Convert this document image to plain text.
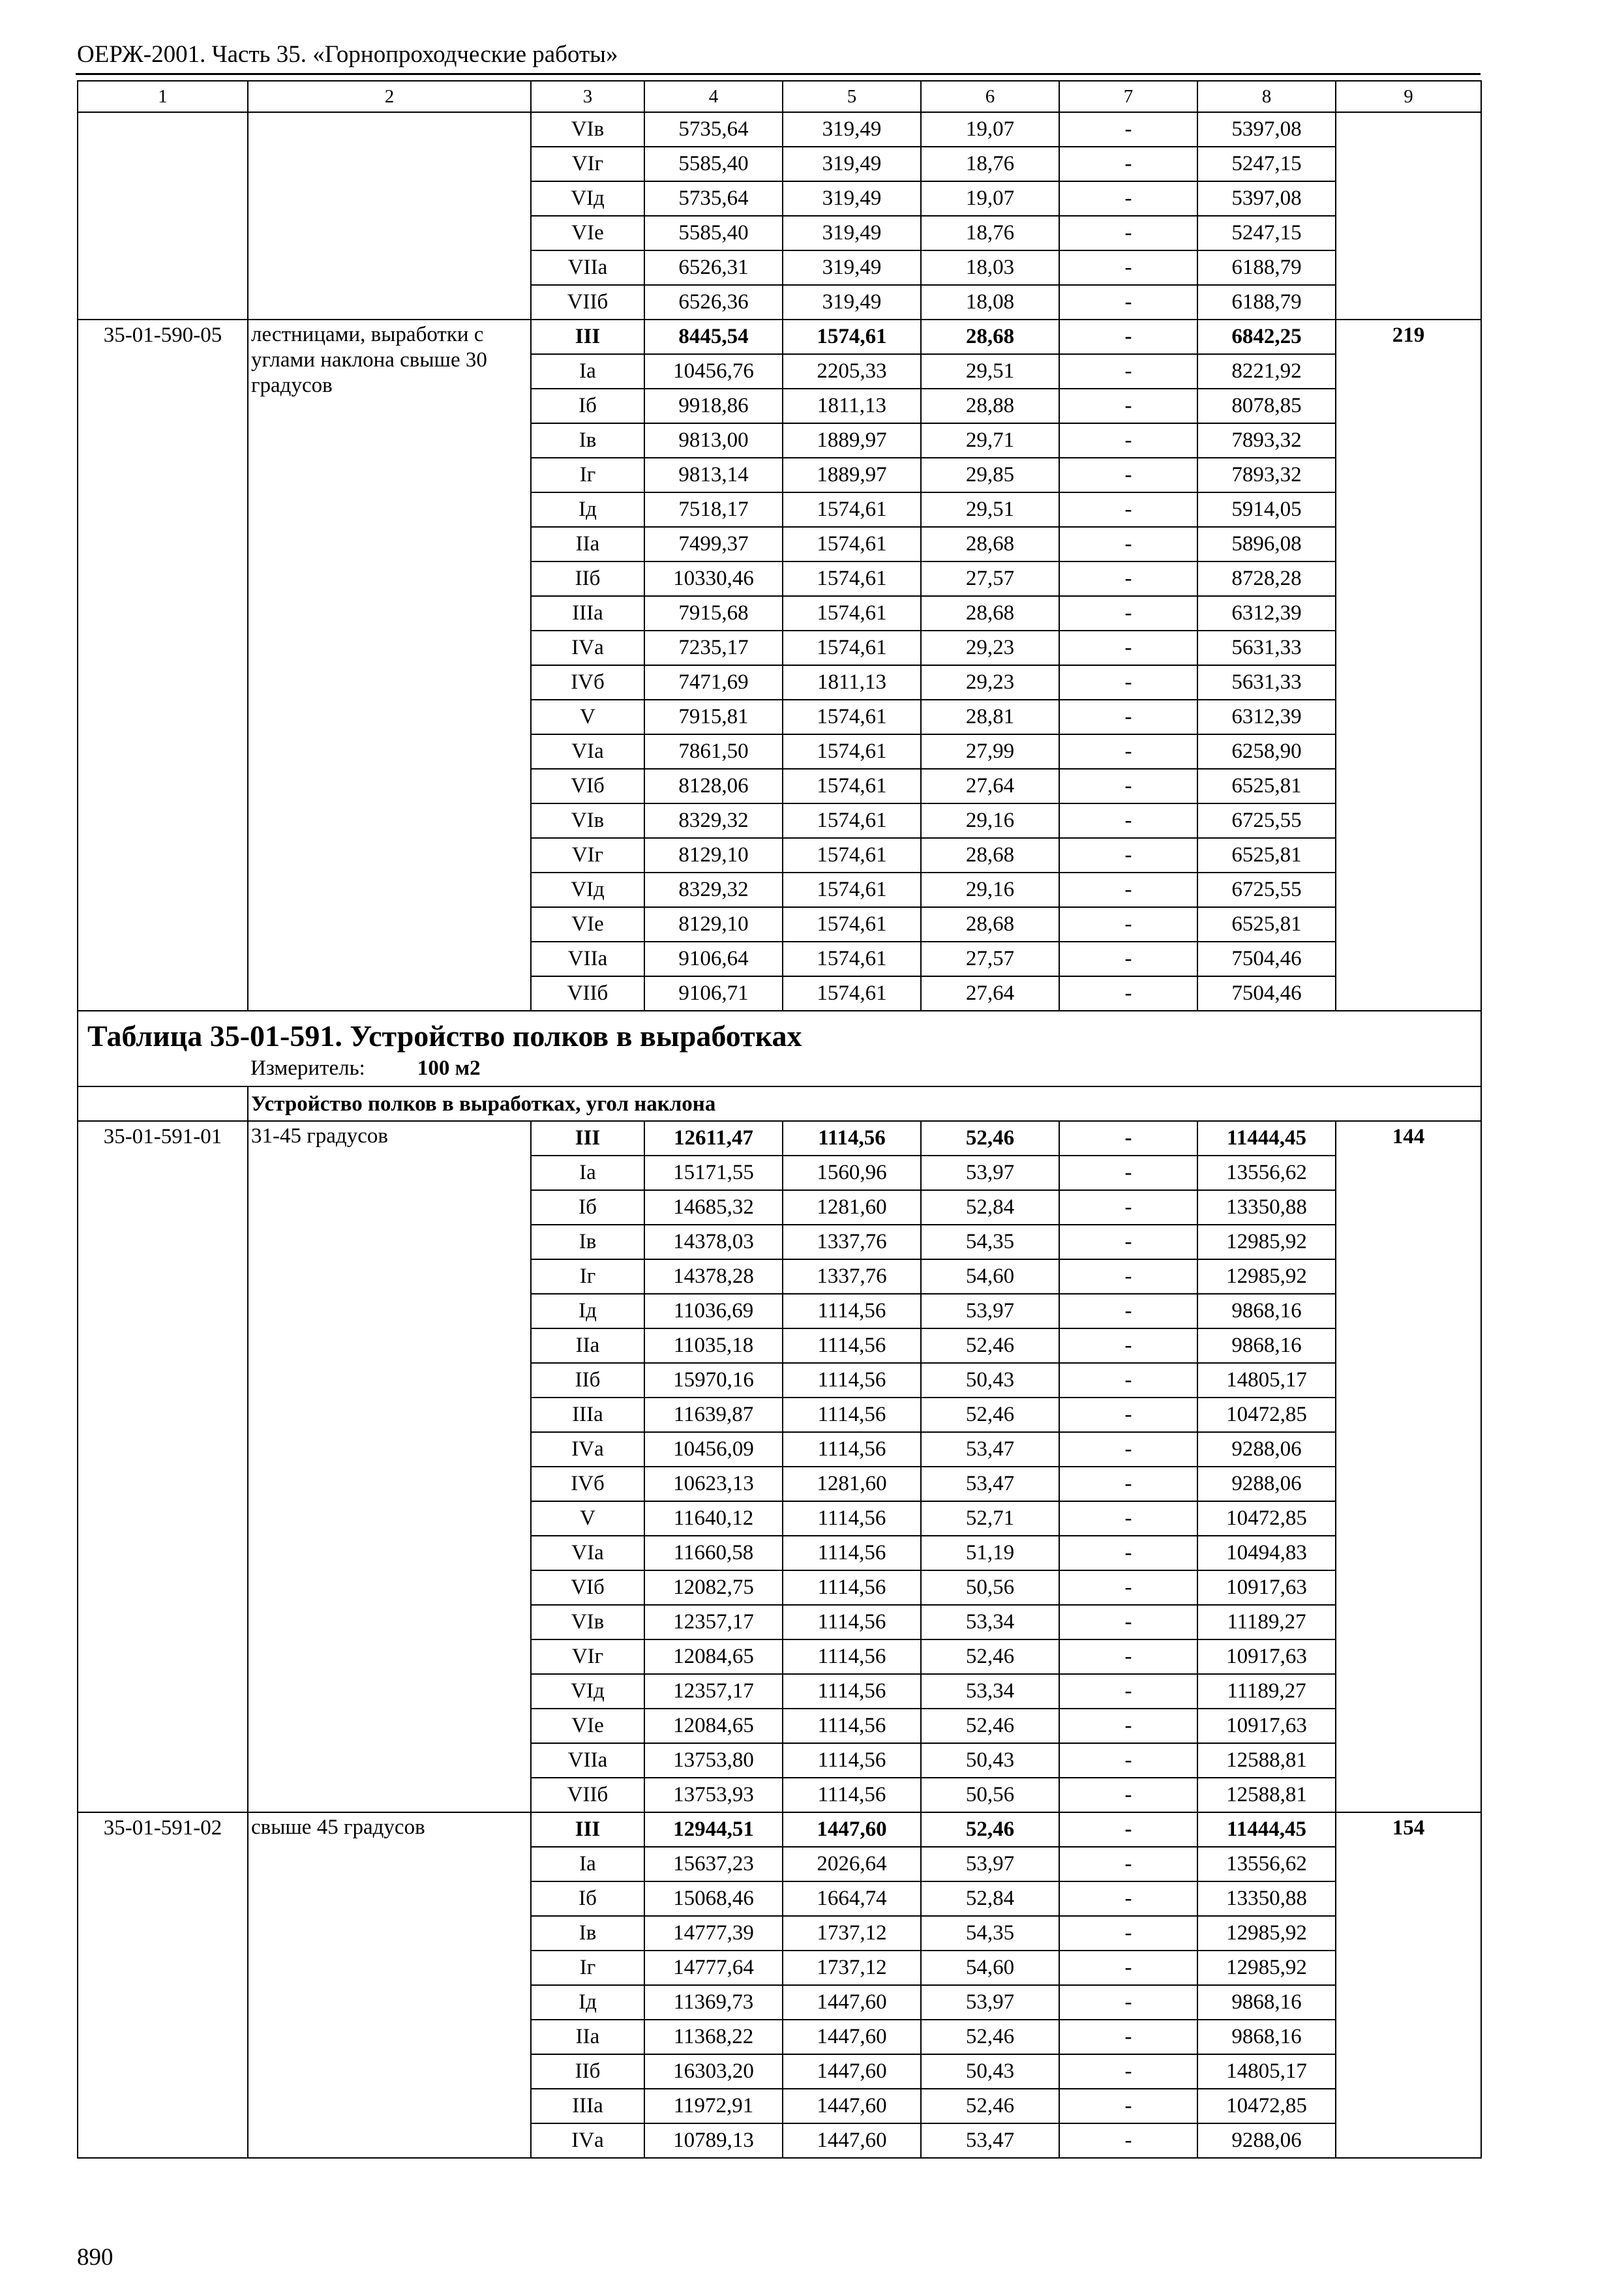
ОЕРЖ-2001. Часть 35. «Горнопроходческие работы»
1	2	3	4	5	6	7	8	9
		VIв	5735,64	319,49	19,07	-	5397,08	
		VIг	5585,40	319,49	18,76	-	5247,15	
		VIд	5735,64	319,49	19,07	-	5397,08	
		VIе	5585,40	319,49	18,76	-	5247,15	
		VIIа	6526,31	319,49	18,03	-	6188,79	
		VIIб	6526,36	319,49	18,08	-	6188,79	
35-01-590-05	лестницами, выработки с углами наклона свыше 30 градусов	III	8445,54	1574,61	28,68	-	6842,25	219
		Iа	10456,76	2205,33	29,51	-	8221,92	
		Iб	9918,86	1811,13	28,88	-	8078,85	
		Iв	9813,00	1889,97	29,71	-	7893,32	
		Iг	9813,14	1889,97	29,85	-	7893,32	
		Iд	7518,17	1574,61	29,51	-	5914,05	
		IIа	7499,37	1574,61	28,68	-	5896,08	
		IIб	10330,46	1574,61	27,57	-	8728,28	
		IIIа	7915,68	1574,61	28,68	-	6312,39	
		IVа	7235,17	1574,61	29,23	-	5631,33	
		IVб	7471,69	1811,13	29,23	-	5631,33	
		V	7915,81	1574,61	28,81	-	6312,39	
		VIа	7861,50	1574,61	27,99	-	6258,90	
		VIб	8128,06	1574,61	27,64	-	6525,81	
		VIв	8329,32	1574,61	29,16	-	6725,55	
		VIг	8129,10	1574,61	28,68	-	6525,81	
		VIд	8329,32	1574,61	29,16	-	6725,55	
		VIе	8129,10	1574,61	28,68	-	6525,81	
		VIIа	9106,64	1574,61	27,57	-	7504,46	
		VIIб	9106,71	1574,61	27,64	-	7504,46	

Таблица 35-01-591. Устройство полков в выработках
Измеритель: 100 м2								

	Устройство полков в выработках, угол наклона							
35-01-591-01	31-45 градусов	III	12611,47	1114,56	52,46	-	11444,45	144
		Iа	15171,55	1560,96	53,97	-	13556,62	
		Iб	14685,32	1281,60	52,84	-	13350,88	
		Iв	14378,03	1337,76	54,35	-	12985,92	
		Iг	14378,28	1337,76	54,60	-	12985,92	
		Iд	11036,69	1114,56	53,97	-	9868,16	
		IIа	11035,18	1114,56	52,46	-	9868,16	
		IIб	15970,16	1114,56	50,43	-	14805,17	
		IIIа	11639,87	1114,56	52,46	-	10472,85	
		IVа	10456,09	1114,56	53,47	-	9288,06	
		IVб	10623,13	1281,60	53,47	-	9288,06	
		V	11640,12	1114,56	52,71	-	10472,85	
		VIа	11660,58	1114,56	51,19	-	10494,83	
		VIб	12082,75	1114,56	50,56	-	10917,63	
		VIв	12357,17	1114,56	53,34	-	11189,27	
		VIг	12084,65	1114,56	52,46	-	10917,63	
		VIд	12357,17	1114,56	53,34	-	11189,27	
		VIе	12084,65	1114,56	52,46	-	10917,63	
		VIIа	13753,80	1114,56	50,43	-	12588,81	
		VIIб	13753,93	1114,56	50,56	-	12588,81	
35-01-591-02	свыше 45 градусов	III	12944,51	1447,60	52,46	-	11444,45	154
		Iа	15637,23	2026,64	53,97	-	13556,62	
		Iб	15068,46	1664,74	52,84	-	13350,88	
		Iв	14777,39	1737,12	54,35	-	12985,92	
		Iг	14777,64	1737,12	54,60	-	12985,92	
		Iд	11369,73	1447,60	53,97	-	9868,16	
		IIа	11368,22	1447,60	52,46	-	9868,16	
		IIб	16303,20	1447,60	50,43	-	14805,17	
		IIIа	11972,91	1447,60	52,46	-	10472,85	
		IVа	10789,13	1447,60	53,47	-	9288,06	
890
